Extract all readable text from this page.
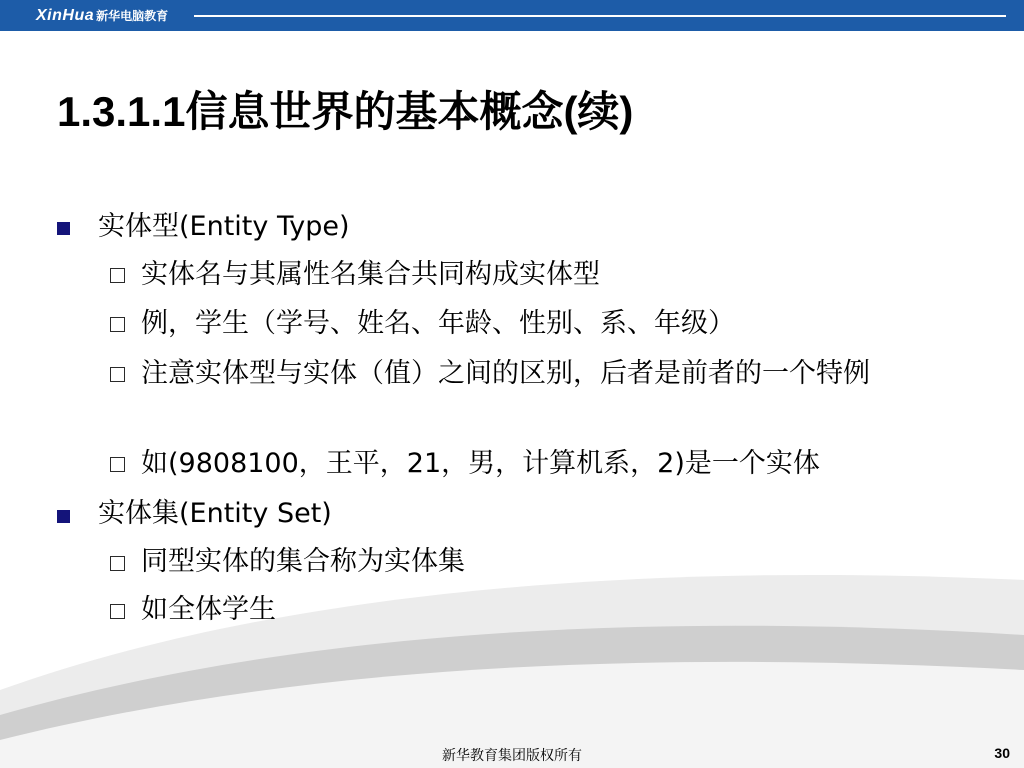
XinHua 新华电脑教育
1.3.1.1信息世界的基本概念(续)
实体型(Entity Type)
实体名与其属性名集合共同构成实体型
例，学生（学号、姓名、年龄、性别、系、年级）
注意实体型与实体（值）之间的区别，后者是前者的一个特例
如(9808100，王平，21，男，计算机系，2)是一个实体
实体集(Entity Set)
同型实体的集合称为实体集
如全体学生
新华教育集团版权所有	30
